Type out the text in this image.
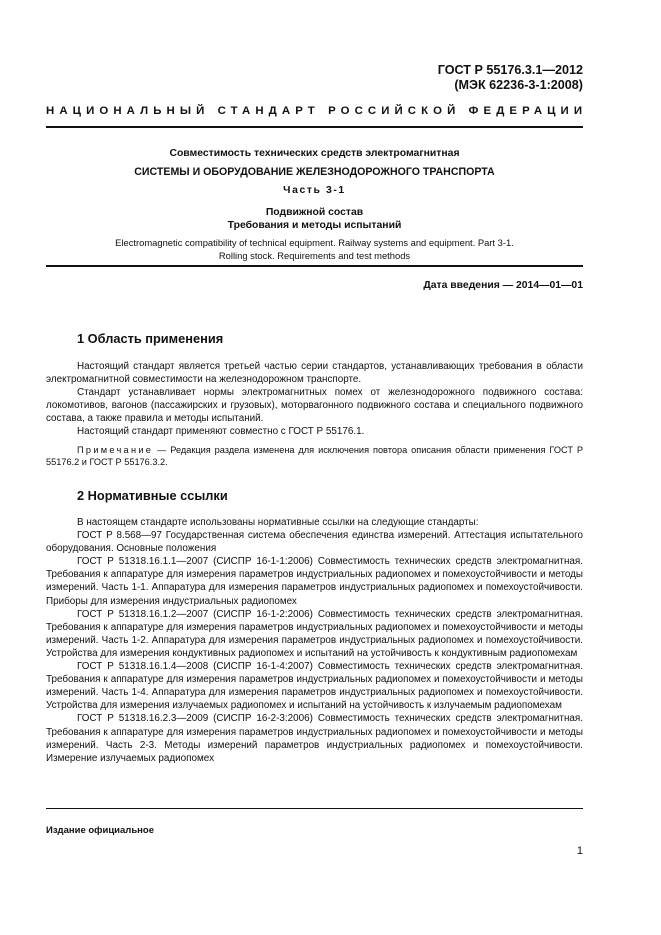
ГОСТ Р 55176.3.1—2012
(МЭК 62236-3-1:2008)
НАЦИОНАЛЬНЫЙ СТАНДАРТ РОССИЙСКОЙ ФЕДЕРАЦИИ
Совместимость технических средств электромагнитная
СИСТЕМЫ И ОБОРУДОВАНИЕ ЖЕЛЕЗНОДОРОЖНОГО ТРАНСПОРТА
Часть 3-1
Подвижной состав
Требования и методы испытаний
Electromagnetic compatibility of technical equipment. Railway systems and equipment. Part 3-1.
Rolling stock. Requirements and test methods
Дата введения — 2014—01—01
1 Область применения

Настоящий стандарт является третьей частью серии стандартов, устанавливающих требования в области электромагнитной совместимости на железнодорожном транспорте.

Стандарт устанавливает нормы электромагнитных помех от железнодорожного подвижного состава: локомотивов, вагонов (пассажирских и грузовых), моторвагонного подвижного состава и специального подвижного состава, а также правила и методы испытаний.

Настоящий стандарт применяют совместно с ГОСТ Р 55176.1.

Примечание — Редакция раздела изменена для исключения повтора описания области применения ГОСТ Р 55176.2 и ГОСТ Р 55176.3.2.

2 Нормативные ссылки

В настоящем стандарте использованы нормативные ссылки на следующие стандарты:

ГОСТ Р 8.568—97 Государственная система обеспечения единства измерений. Аттестация испытательного оборудования. Основные положения

ГОСТ Р 51318.16.1.1—2007 (СИСПР 16-1-1:2006) Совместимость технических средств электромагнитная. Требования к аппаратуре для измерения параметров индустриальных радиопомех и помехоустойчивости и методы измерений. Часть 1-1. Аппаратура для измерения параметров индустриальных радиопомех и помехоустойчивости. Приборы для измерения индустриальных радиопомех

ГОСТ Р 51318.16.1.2—2007 (СИСПР 16-1-2:2006) Совместимость технических средств электромагнитная. Требования к аппаратуре для измерения параметров индустриальных радиопомех и помехоустойчивости и методы измерений. Часть 1-2. Аппаратура для измерения параметров индустриальных радиопомех и помехоустойчивости. Устройства для измерения кондуктивных радиопомех и испытаний на устойчивость к кондуктивным радиопомехам

ГОСТ Р 51318.16.1.4—2008 (СИСПР 16-1-4:2007) Совместимость технических средств электромагнитная. Требования к аппаратуре для измерения параметров индустриальных радиопомех и помехоустойчивости и методы измерений. Часть 1-4. Аппаратура для измерения параметров индустриальных радиопомех и помехоустойчивости. Устройства для измерения излучаемых радиопомех и испытаний на устойчивость к излучаемым радиопомехам

ГОСТ Р 51318.16.2.3—2009 (СИСПР 16-2-3:2006) Совместимость технических средств электромагнитная. Требования к аппаратуре для измерения параметров индустриальных радиопомех и помехоустойчивости и методы измерений. Часть 2-3. Методы измерений параметров индустриальных радиопомех и помехоустойчивости. Измерение излучаемых радиопомех

Издание официальное
1
